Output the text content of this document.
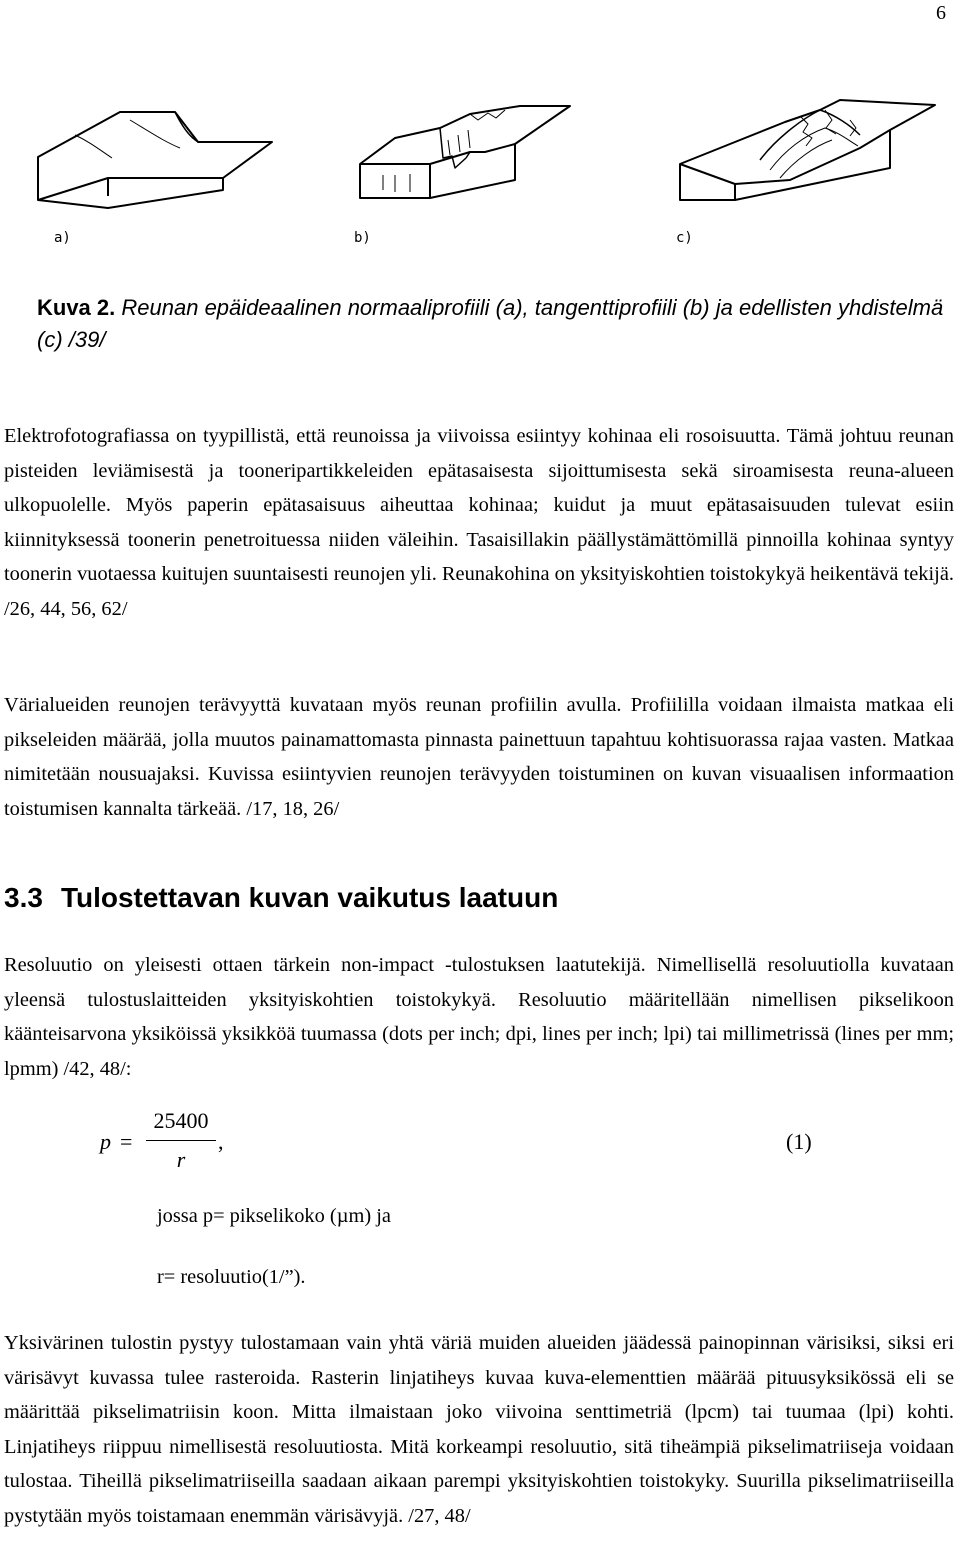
6
a)	b)	c)
Kuva 2. Reunan epäideaalinen normaaliprofiili (a), tangenttiprofiili (b) ja edellisten yhdistelmä (c) /39/

Elektrofotografiassa on tyypillistä, että reunoissa ja viivoissa esiintyy kohinaa eli rosoisuutta. Tämä johtuu reunan pisteiden leviämisestä ja tooneripartikkeleiden epätasaisesta sijoittumisesta sekä siroamisesta reuna-alueen ulkopuolelle. Myös paperin epätasaisuus aiheuttaa kohinaa; kuidut ja muut epätasaisuuden tulevat esiin kiinnityksessä toonerin penetroituessa niiden väleihin. Tasaisillakin päällystämättömillä pinnoilla kohinaa syntyy toonerin vuotaessa kuitujen suuntaisesti reunojen yli. Reunakohina on yksityiskohtien toistokykyä heikentävä tekijä. /26, 44, 56, 62/

Värialueiden reunojen terävyyttä kuvataan myös reunan profiilin avulla. Profiililla voidaan ilmaista matkaa eli pikseleiden määrää, jolla muutos painamattomasta pinnasta painettuun tapahtuu kohtisuorassa rajaa vasten. Matkaa nimitetään nousuajaksi. Kuvissa esiintyvien reunojen terävyyden toistuminen on kuvan visuaalisen informaation toistumisen kannalta tärkeää. /17, 18, 26/

3.3 Tulostettavan kuvan vaikutus laatuun

Resoluutio on yleisesti ottaen tärkein non-impact -tulostuksen laatutekijä. Nimellisellä resoluutiolla kuvataan yleensä tulostuslaitteiden yksityiskohtien toistokykyä. Resoluutio määritellään nimellisen pikselikoon käänteisarvona yksiköissä yksikköä tuumassa (dots per inch; dpi, lines per inch; lpi) tai millimetrissä (lines per mm; lpmm) /42, 48/:

p =
25400
r
,	(1)
jossa p= pikselikoko (µm) ja
r= resoluutio(1/”).

Yksivärinen tulostin pystyy tulostamaan vain yhtä väriä muiden alueiden jäädessä painopinnan värisiksi, siksi eri värisävyt kuvassa tulee rasteroida. Rasterin linjatiheys kuvaa kuva-elementtien määrää pituusyksikössä eli se määrittää pikselimatriisin koon. Mitta ilmaistaan joko viivoina senttimetriä (lpcm) tai tuumaa (lpi) kohti. Linjatiheys riippuu nimellisestä resoluutiosta. Mitä korkeampi resoluutio, sitä tiheämpiä pikselimatriiseja voidaan tulostaa. Tiheillä pikselimatriiseilla saadaan aikaan parempi yksityiskohtien toistokyky. Suurilla pikselimatriiseilla pystytään myös toistamaan enemmän värisävyjä. /27, 48/
